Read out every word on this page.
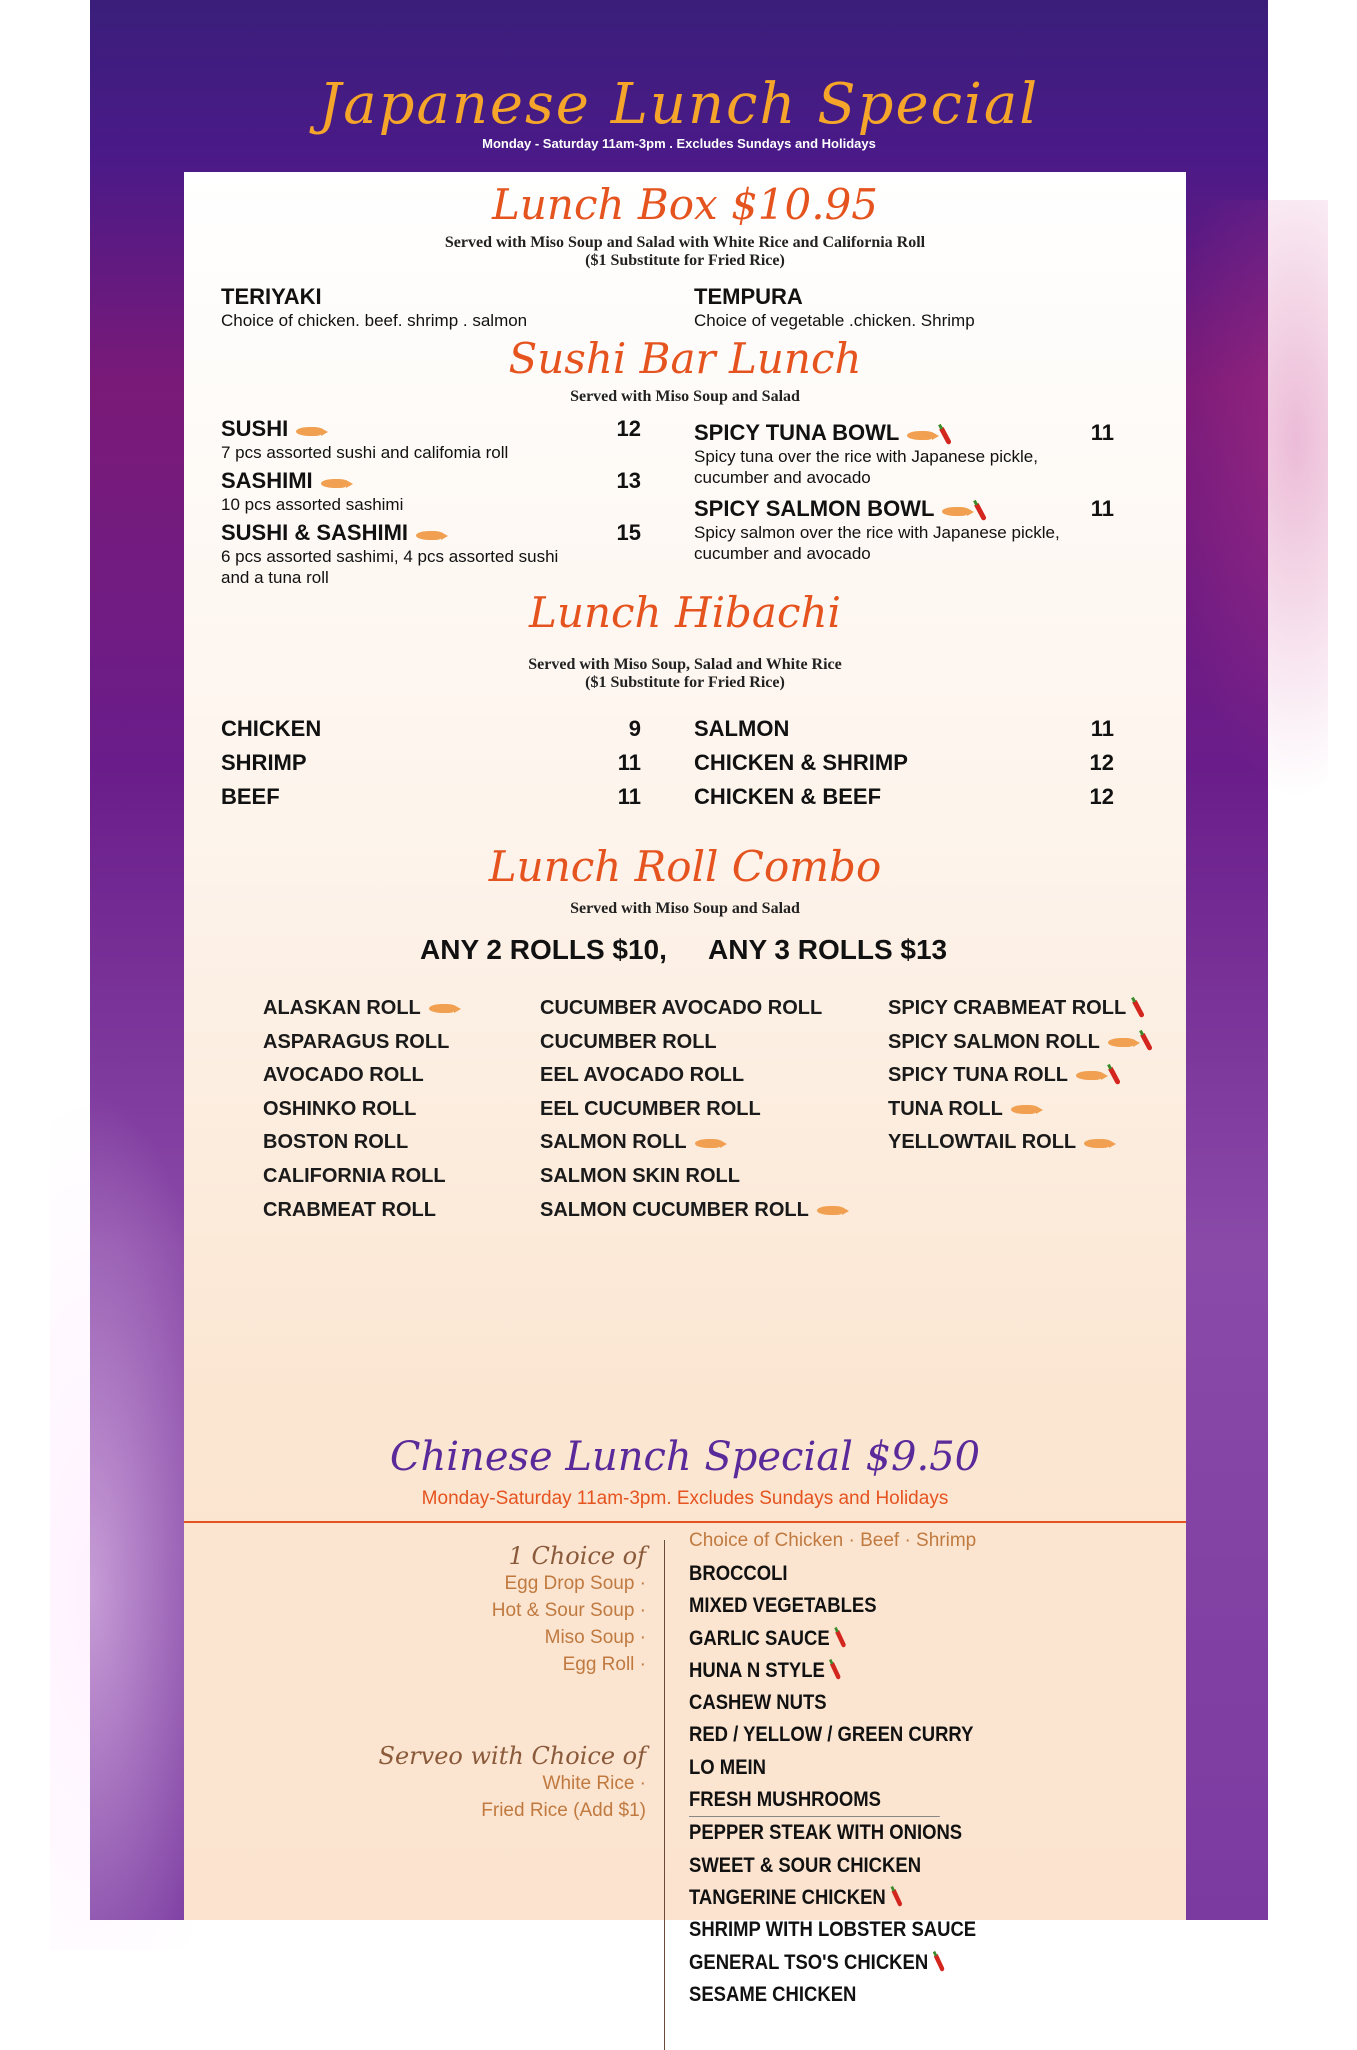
Japanese Lunch Special
Monday - Saturday 11am-3pm . Excludes Sundays and Holidays
Lunch Box $10.95
Served with Miso Soup and Salad with White Rice and California Roll
($1 Substitute for Fried Rice)
TERIYAKI
Choice of chicken. beef. shrimp . salmon
TEMPURA
Choice of vegetable .chicken. Shrimp
Sushi Bar Lunch
Served with Miso Soup and Salad
SUSHI	12
7 pcs assorted sushi and califomia roll
SASHIMI	13
10 pcs assorted sashimi
SUSHI & SASHIMI	15
6 pcs assorted sashimi, 4 pcs assorted sushi and a tuna roll
SPICY TUNA BOWL	11
Spicy tuna over the rice with Japanese pickle, cucumber and avocado
SPICY SALMON BOWL	11
Spicy salmon over the rice with Japanese pickle, cucumber and avocado
Lunch Hibachi
Served with Miso Soup, Salad and White Rice
($1 Substitute for Fried Rice)
CHICKEN	9
SHRIMP	11
BEEF	11
SALMON	11
CHICKEN & SHRIMP	12
CHICKEN & BEEF	12
Lunch Roll Combo
Served with Miso Soup and Salad
ANY 2 ROLLS $10, ANY 3 ROLLS $13
ALASKAN ROLL
ASPARAGUS ROLL
AVOCADO ROLL
OSHINKO ROLL
BOSTON ROLL
CALIFORNIA ROLL
CRABMEAT ROLL
CUCUMBER AVOCADO ROLL
CUCUMBER ROLL
EEL AVOCADO ROLL
EEL CUCUMBER ROLL
SALMON ROLL
SALMON SKIN ROLL
SALMON CUCUMBER ROLL
SPICY CRABMEAT ROLL
SPICY SALMON ROLL
SPICY TUNA ROLL
TUNA ROLL
YELLOWTAIL ROLL
Chinese Lunch Special $9.50
Monday-Saturday 11am-3pm. Excludes Sundays and Holidays
1 Choice of
Egg Drop Soup ·
Hot & Sour Soup ·
Miso Soup ·
Egg Roll ·
Serveo with Choice of
White Rice ·
Fried Rice (Add $1)
Choice of Chicken · Beef · Shrimp
BROCCOLI
MIXED VEGETABLES
GARLIC SAUCE
HUNA N STYLE
CASHEW NUTS
RED / YELLOW / GREEN CURRY
LO MEIN
FRESH MUSHROOMS
PEPPER STEAK WITH ONIONS
SWEET & SOUR CHICKEN
TANGERINE CHICKEN
SHRIMP WITH LOBSTER SAUCE
GENERAL TSO'S CHICKEN
SESAME CHICKEN
